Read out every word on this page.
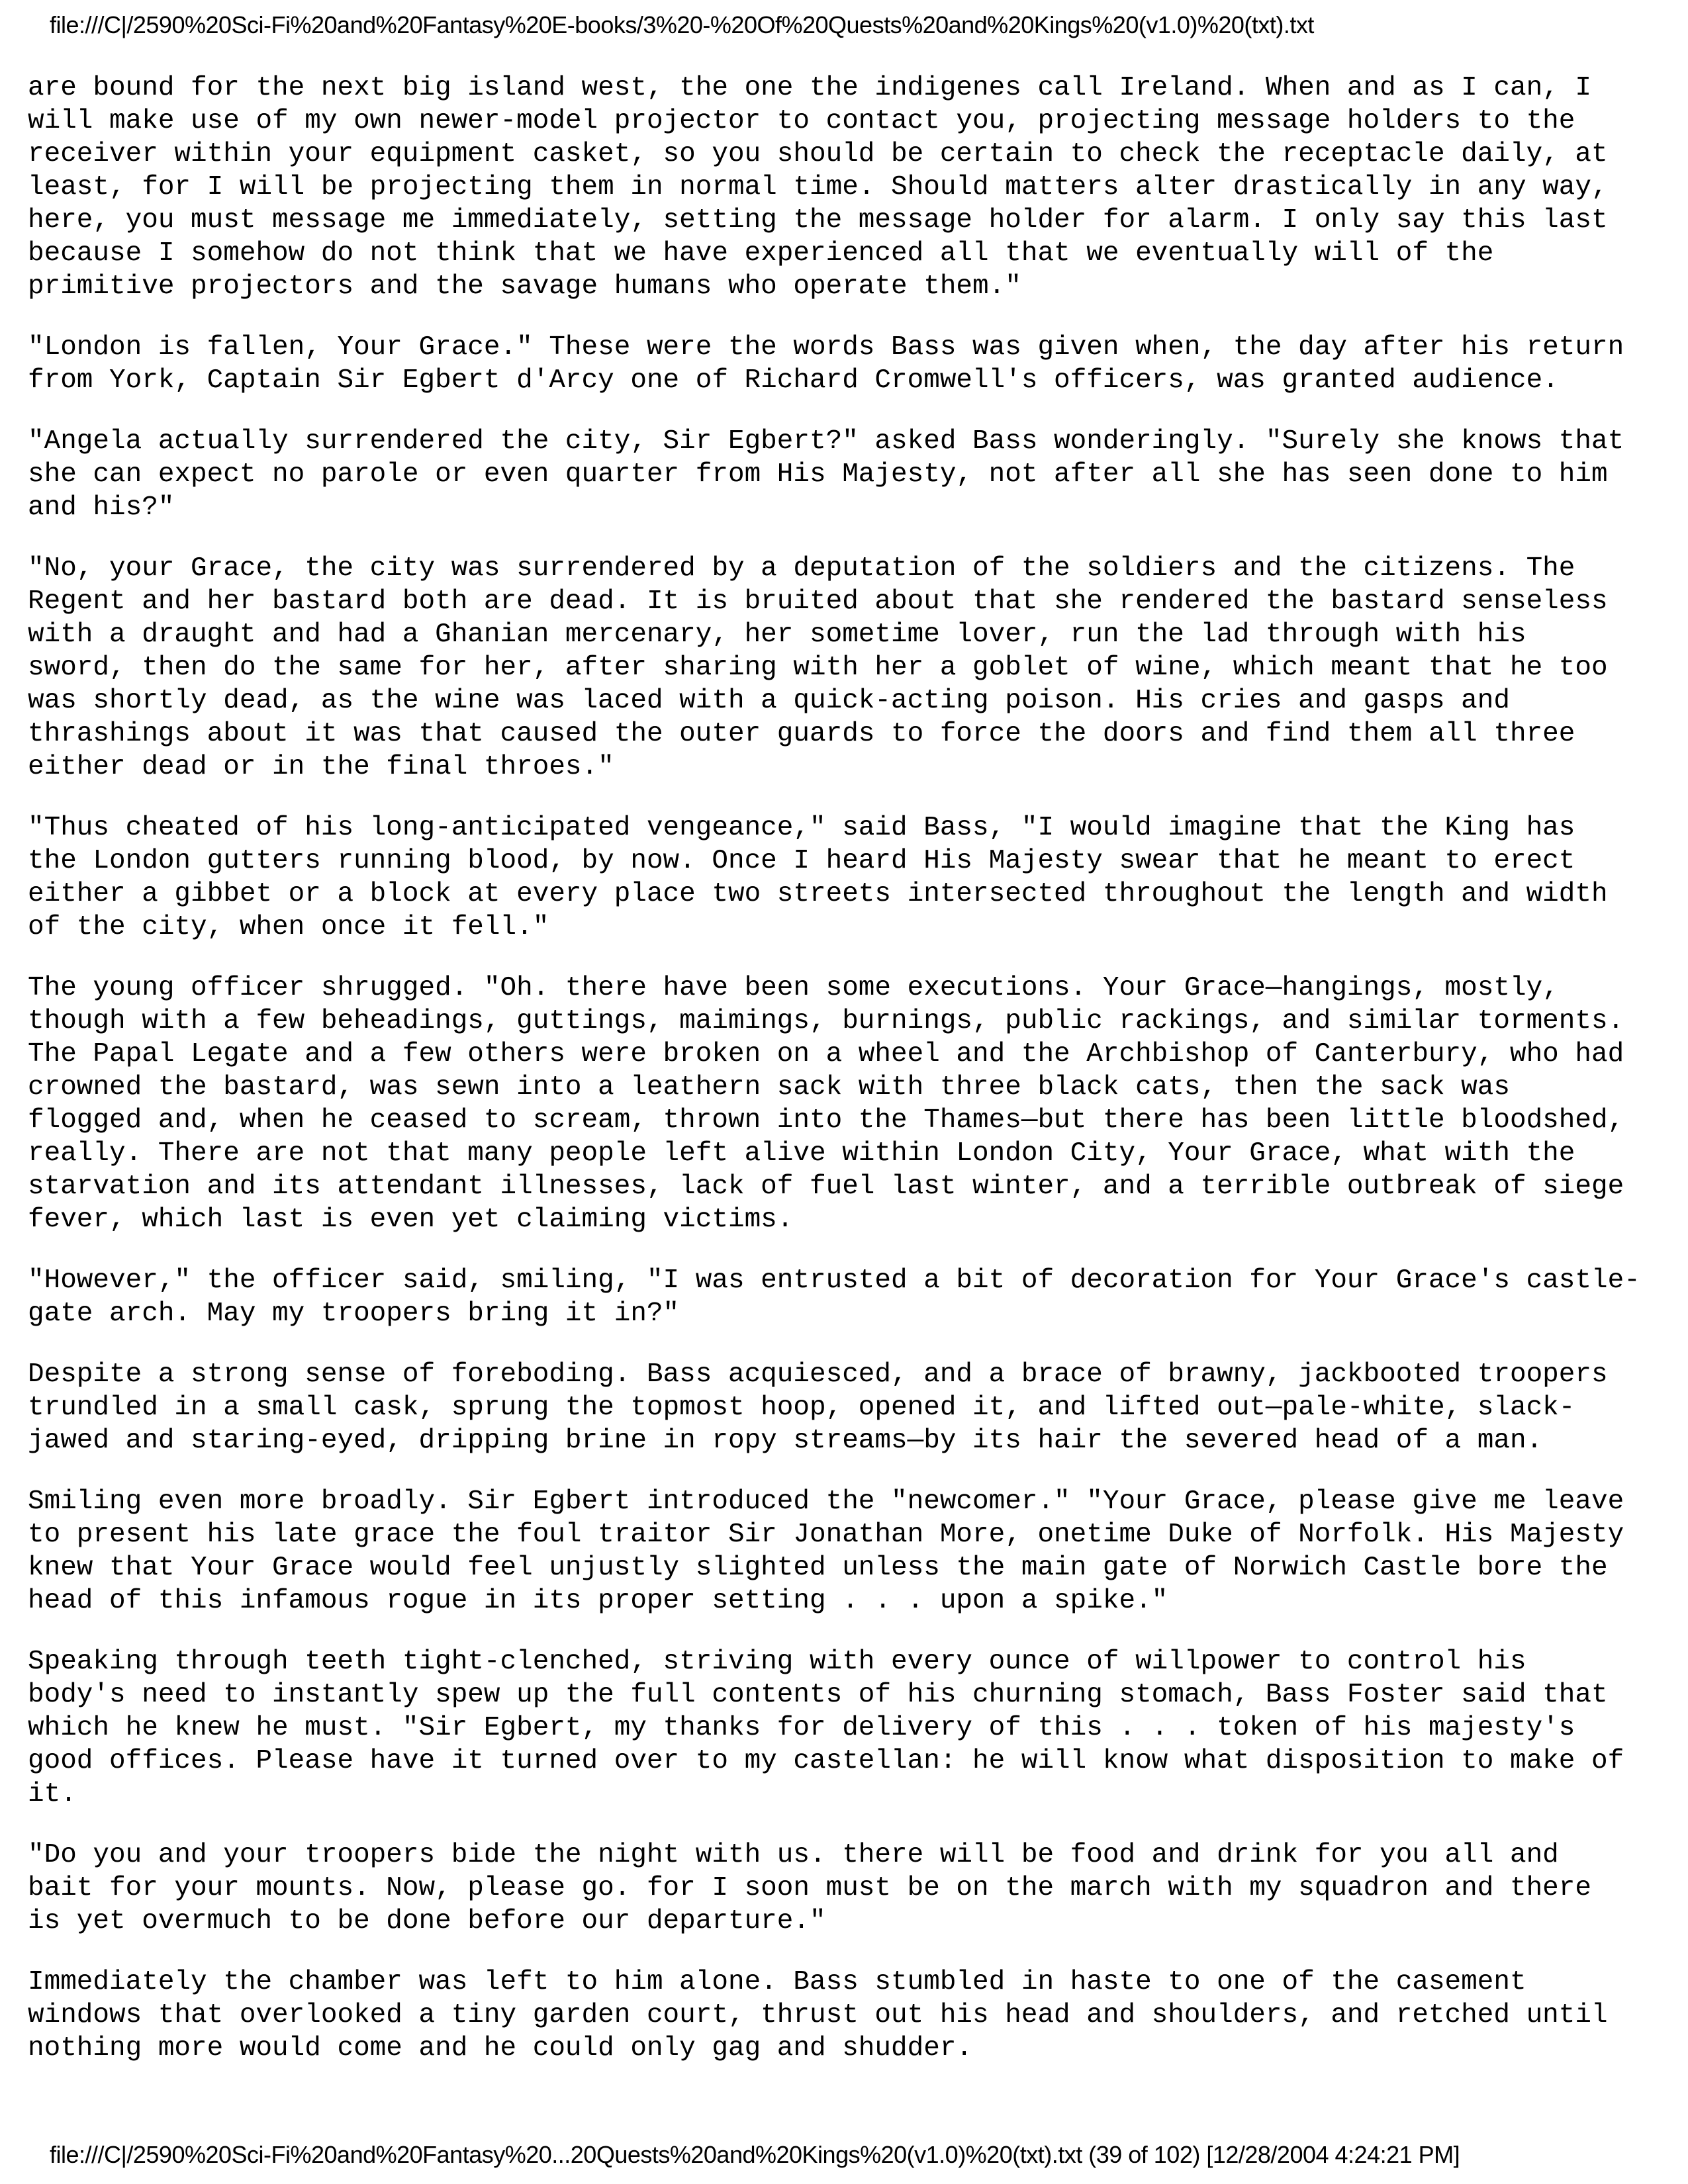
file:///C|/2590%20Sci-Fi%20and%20Fantasy%20E-books/3%20-%20Of%20Quests%20and%20Kings%20(v1.0)%20(txt).txt

are bound for the next big island west, the one the indigenes call Ireland. When and as I can, I
will make use of my own newer-model projector to contact you, projecting message holders to the
receiver within your equipment casket, so you should be certain to check the receptacle daily, at
least, for I will be projecting them in normal time. Should matters alter drastically in any way,
here, you must message me immediately, setting the message holder for alarm. I only say this last
because I somehow do not think that we have experienced all that we eventually will of the
primitive projectors and the savage humans who operate them."

"London is fallen, Your Grace." These were the words Bass was given when, the day after his return
from York, Captain Sir Egbert d'Arcy one of Richard Cromwell's officers, was granted audience.

"Angela actually surrendered the city, Sir Egbert?" asked Bass wonderingly. "Surely she knows that
she can expect no parole or even quarter from His Majesty, not after all she has seen done to him
and his?"

"No, your Grace, the city was surrendered by a deputation of the soldiers and the citizens. The
Regent and her bastard both are dead. It is bruited about that she rendered the bastard senseless
with a draught and had a Ghanian mercenary, her sometime lover, run the lad through with his
sword, then do the same for her, after sharing with her a goblet of wine, which meant that he too
was shortly dead, as the wine was laced with a quick-acting poison. His cries and gasps and
thrashings about it was that caused the outer guards to force the doors and find them all three
either dead or in the final throes."

"Thus cheated of his long-anticipated vengeance," said Bass, "I would imagine that the King has
the London gutters running blood, by now. Once I heard His Majesty swear that he meant to erect
either a gibbet or a block at every place two streets intersected throughout the length and width
of the city, when once it fell."

The young officer shrugged. "Oh. there have been some executions. Your Grace—hangings, mostly,
though with a few beheadings, guttings, maimings, burnings, public rackings, and similar torments.
The Papal Legate and a few others were broken on a wheel and the Archbishop of Canterbury, who had
crowned the bastard, was sewn into a leathern sack with three black cats, then the sack was
flogged and, when he ceased to scream, thrown into the Thames—but there has been little bloodshed,
really. There are not that many people left alive within London City, Your Grace, what with the
starvation and its attendant illnesses, lack of fuel last winter, and a terrible outbreak of siege
fever, which last is even yet claiming victims.

"However," the officer said, smiling, "I was entrusted a bit of decoration for Your Grace's castle-
gate arch. May my troopers bring it in?"

Despite a strong sense of foreboding. Bass acquiesced, and a brace of brawny, jackbooted troopers
trundled in a small cask, sprung the topmost hoop, opened it, and lifted out—pale-white, slack-
jawed and staring-eyed, dripping brine in ropy streams—by its hair the severed head of a man.

Smiling even more broadly. Sir Egbert introduced the "newcomer." "Your Grace, please give me leave
to present his late grace the foul traitor Sir Jonathan More, onetime Duke of Norfolk. His Majesty
knew that Your Grace would feel unjustly slighted unless the main gate of Norwich Castle bore the
head of this infamous rogue in its proper setting . . . upon a spike."

Speaking through teeth tight-clenched, striving with every ounce of willpower to control his
body's need to instantly spew up the full contents of his churning stomach, Bass Foster said that
which he knew he must. "Sir Egbert, my thanks for delivery of this . . . token of his majesty's
good offices. Please have it turned over to my castellan: he will know what disposition to make of
it.

"Do you and your troopers bide the night with us. there will be food and drink for you all and
bait for your mounts. Now, please go. for I soon must be on the march with my squadron and there
is yet overmuch to be done before our departure."

Immediately the chamber was left to him alone. Bass stumbled in haste to one of the casement
windows that overlooked a tiny garden court, thrust out his head and shoulders, and retched until
nothing more would come and he could only gag and shudder.

file:///C|/2590%20Sci-Fi%20and%20Fantasy%20...20Quests%20and%20Kings%20(v1.0)%20(txt).txt (39 of 102) [12/28/2004 4:24:21 PM]
